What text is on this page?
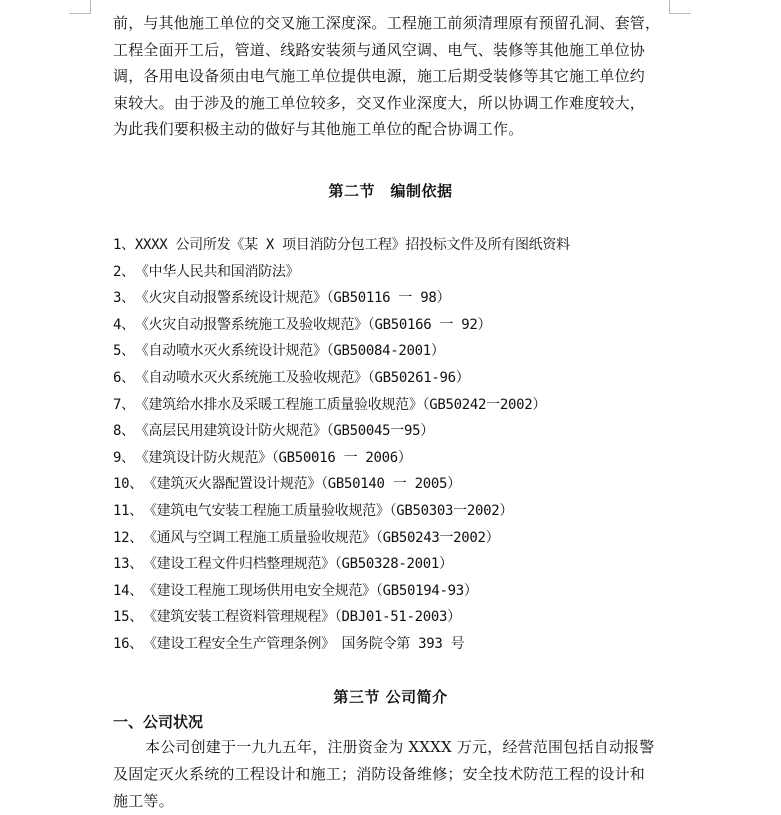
前，与其他施工单位的交叉施工深度深。工程施工前须清理原有预留孔洞、套管，
工程全面开工后，管道、线路安装须与通风空调、电气、装修等其他施工单位协
调，各用电设备须由电气施工单位提供电源，施工后期受装修等其它施工单位约
束较大。由于涉及的施工单位较多，交叉作业深度大，所以协调工作难度较大，
为此我们要积极主动的做好与其他施工单位的配合协调工作。
第二节　编制依据
1、XXXX 公司所发《某 X 项目消防分包工程》招投标文件及所有图纸资料
2、《中华人民共和国消防法》
3、《火灾自动报警系统设计规范》（GB50116 一 98）
4、《火灾自动报警系统施工及验收规范》（GB50166 一 92）
5、《自动喷水灭火系统设计规范》（GB50084-2001）
6、《自动喷水灭火系统施工及验收规范》（GB50261-96）
7、《建筑给水排水及采暖工程施工质量验收规范》（GB50242一2002）
8、《高层民用建筑设计防火规范》（GB50045一95）
9、《建筑设计防火规范》（GB50016 一 2006）
10、《建筑灭火器配置设计规范》（GB50140 一 2005）
11、《建筑电气安装工程施工质量验收规范》（GB50303一2002）
12、《通风与空调工程施工质量验收规范》（GB50243一2002）
13、《建设工程文件归档整理规范》（GB50328-2001）
14、《建设工程施工现场供用电安全规范》（GB50194-93）
15、《建筑安装工程资料管理规程》（DBJ01-51-2003）
16、《建设工程安全生产管理条例》　国务院令第 393 号
第三节 公司简介
一、公司状况
本公司创建于一九九五年，注册资金为 XXXX 万元，经营范围包括自动报警
及固定灭火系统的工程设计和施工；消防设备维修；安全技术防范工程的设计和
施工等。
